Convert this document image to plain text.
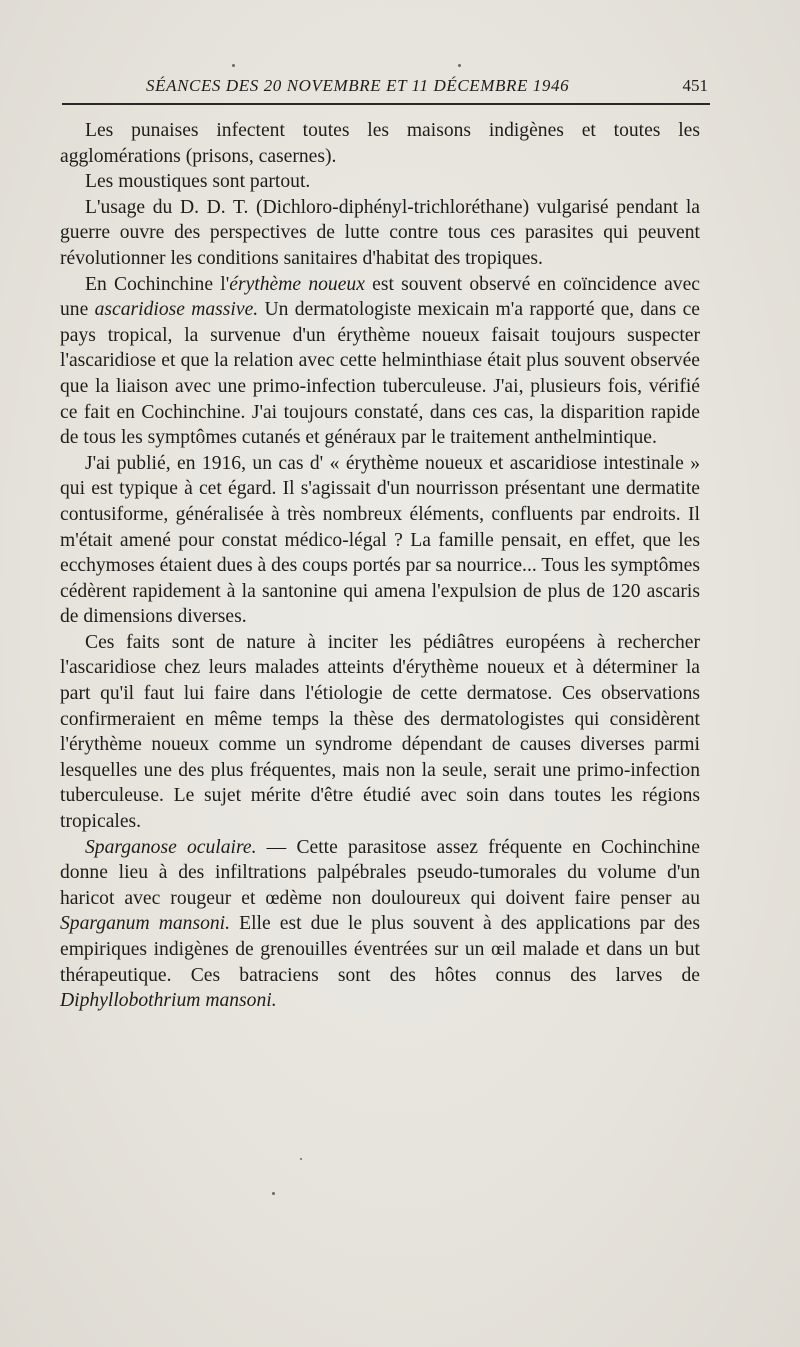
SÉANCES DES 20 NOVEMBRE ET 11 DÉCEMBRE 1946	451

Les punaises infectent toutes les maisons indigènes et toutes les agglomérations (prisons, casernes).

Les moustiques sont partout.

L'usage du D. D. T. (Dichloro-diphényl-trichloréthane) vulgarisé pendant la guerre ouvre des perspectives de lutte contre tous ces parasites qui peuvent révolutionner les conditions sanitaires d'habitat des tropiques.

En Cochinchine l'érythème noueux est souvent observé en coïncidence avec une ascaridiose massive. Un dermatologiste mexicain m'a rapporté que, dans ce pays tropical, la survenue d'un érythème noueux faisait toujours suspecter l'ascaridiose et que la relation avec cette helminthiase était plus souvent observée que la liaison avec une primo-infection tuberculeuse. J'ai, plusieurs fois, vérifié ce fait en Cochinchine. J'ai toujours constaté, dans ces cas, la disparition rapide de tous les symptômes cutanés et généraux par le traitement anthelmintique.

J'ai publié, en 1916, un cas d' « érythème noueux et ascaridiose intestinale » qui est typique à cet égard. Il s'agissait d'un nourrisson présentant une dermatite contusiforme, généralisée à très nombreux éléments, confluents par endroits. Il m'était amené pour constat médico-légal ? La famille pensait, en effet, que les ecchymoses étaient dues à des coups portés par sa nourrice... Tous les symptômes cédèrent rapidement à la santonine qui amena l'expulsion de plus de 120 ascaris de dimensions diverses.

Ces faits sont de nature à inciter les pédiâtres européens à rechercher l'ascaridiose chez leurs malades atteints d'érythème noueux et à déterminer la part qu'il faut lui faire dans l'étiologie de cette dermatose. Ces observations confirmeraient en même temps la thèse des dermatologistes qui considèrent l'érythème noueux comme un syndrome dépendant de causes diverses parmi lesquelles une des plus fréquentes, mais non la seule, serait une primo-infection tuberculeuse. Le sujet mérite d'être étudié avec soin dans toutes les régions tropicales.

Sparganose oculaire. — Cette parasitose assez fréquente en Cochinchine donne lieu à des infiltrations palpébrales pseudo-tumorales du volume d'un haricot avec rougeur et œdème non douloureux qui doivent faire penser au Sparganum mansoni. Elle est due le plus souvent à des applications par des empiriques indigènes de grenouilles éventrées sur un œil malade et dans un but thérapeutique. Ces batraciens sont des hôtes connus des larves de Diphyllobothrium mansoni.
